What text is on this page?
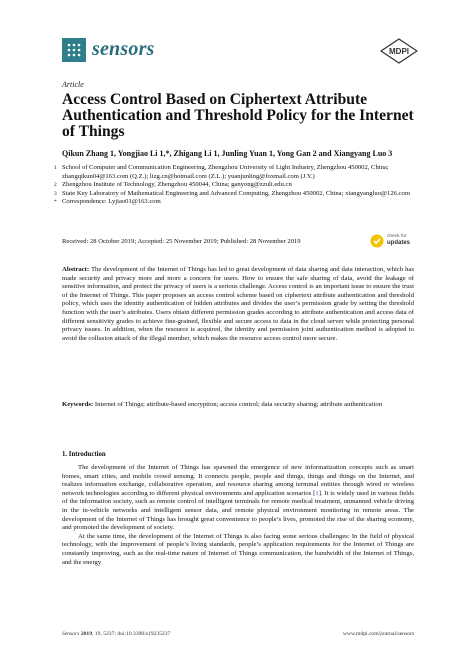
sensors	MDPI
Article
Access Control Based on Ciphertext Attribute Authentication and Threshold Policy for the Internet of Things
Qikun Zhang 1, Yongjiao Li 1,*, Zhigang Li 1, Junling Yuan 1, Yong Gan 2 and Xiangyang Luo 3
1 School of Computer and Communication Engineering, Zhengzhou University of Light Industry, Zhengzhou 450002, China; zhangqikun04@163.com (Q.Z.); lizg.cn@hotmail.com (Z.L.); yuanjunling@foxmail.com (J.Y.)
2 Zhengzhou Institute of Technology, Zhengzhou 450044, China; ganyong@zzuli.edu.cn
3 State Key Laboratory of Mathematical Engineering and Advanced Computing, Zhengzhou 450002, China; xiangyangluo@126.com
* Correspondence: Lyjiao01@163.com
Received: 28 October 2019; Accepted: 25 November 2019; Published: 28 November 2019
check for
updates
Abstract: The development of the Internet of Things has led to great development of data sharing and data interaction, which has made security and privacy more and more a concern for users. How to ensure the safe sharing of data, avoid the leakage of sensitive information, and protect the privacy of users is a serious challenge. Access control is an important issue to ensure the trust of the Internet of Things. This paper proposes an access control scheme based on ciphertext attribute authentication and threshold policy, which uses the identity authentication of hidden attributes and divides the user’s permission grade by setting the threshold function with the user’s attributes. Users obtain different permission grades according to attribute authentication and access data of different sensitivity grades to achieve fine-grained, flexible and secure access to data in the cloud server while protecting personal privacy issues. In addition, when the resource is acquired, the identity and permission joint authentication method is adopted to avoid the collusion attack of the illegal member, which makes the resource access control more secure.
Keywords: Internet of Things; attribute-based encryption; access control; data security sharing; attribute authentication
1. Introduction

The development of the Internet of Things has spawned the emergence of new informatization concepts such as smart homes, smart cities, and mobile crowd sensing. It connects people, people and things, things and things on the Internet, and realizes information exchange, collaborative operation, and resource sharing among terminal entities through wired or wireless network technologies according to different physical environments and application scenarios [1]. It is widely used in various fields of the information society, such as remote control of intelligent terminals for remote medical treatment, unmanned vehicle driving in the in-vehicle networks and intelligent sensor data, and remote physical environment monitoring in remote areas. The development of the Internet of Things has brought great convenience to people’s lives, promoted the rise of the sharing economy, and promoted the development of society.

At the same time, the development of the Internet of Things is also facing some serious challenges: In the field of physical technology, with the improvement of people’s living standards, people’s application requirements for the Internet of Things are constantly improving, such as the real-time nature of Internet of Things communication, the bandwidth of the Internet of Things, and the energy

Sensors 2019, 19, 5237; doi:10.3390/s19235237	www.mdpi.com/journal/sensors
